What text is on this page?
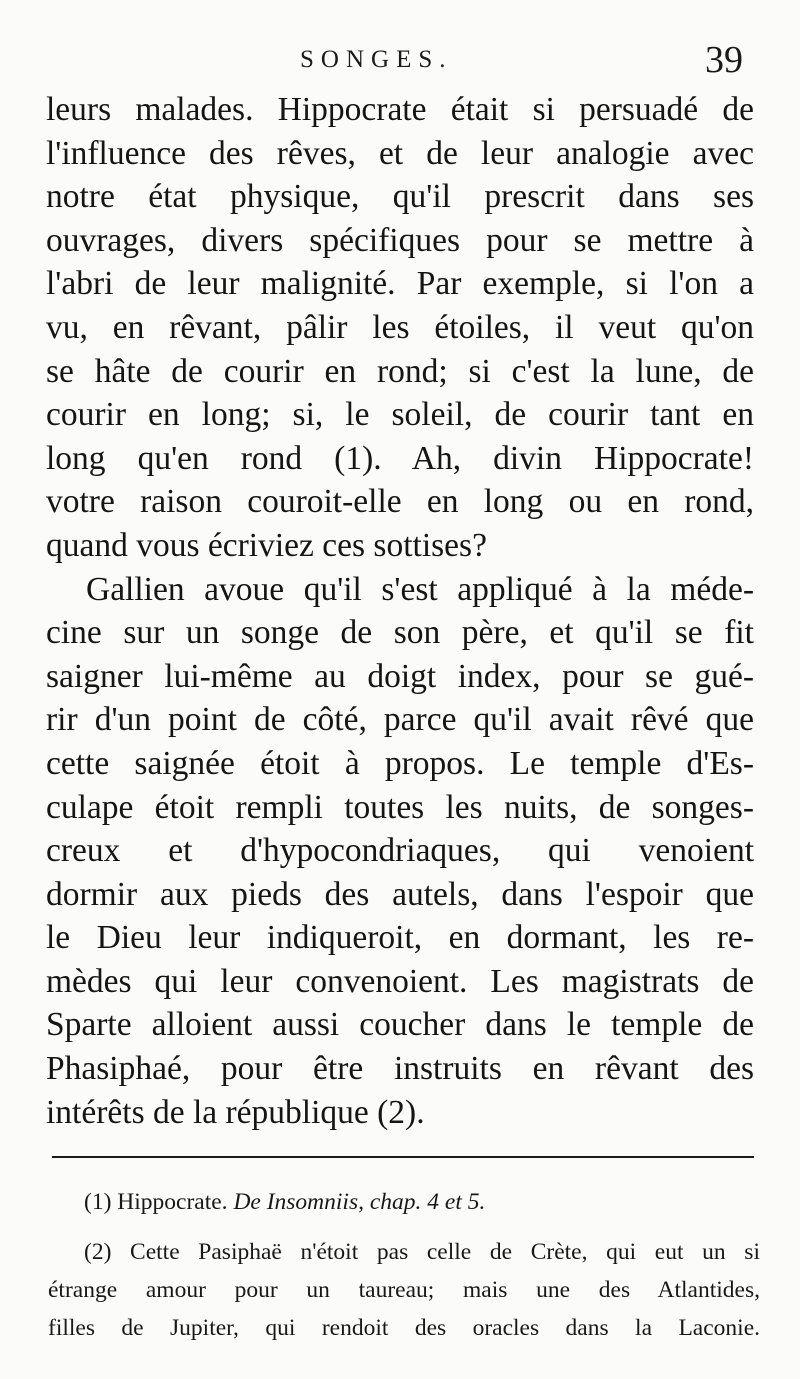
SONGES.	39
leurs malades. Hippocrate était si persuadé de
l'influence des rêves, et de leur analogie avec
notre état physique, qu'il prescrit dans ses
ouvrages, divers spécifiques pour se mettre à
l'abri de leur malignité. Par exemple, si l'on a
vu, en rêvant, pâlir les étoiles, il veut qu'on
se hâte de courir en rond; si c'est la lune, de
courir en long; si, le soleil, de courir tant en
long qu'en rond (1). Ah, divin Hippocrate!
votre raison couroit-elle en long ou en rond,
quand vous écriviez ces sottises?
Gallien avoue qu'il s'est appliqué à la méde-
cine sur un songe de son père, et qu'il se fit
saigner lui-même au doigt index, pour se gué-
rir d'un point de côté, parce qu'il avait rêvé que
cette saignée étoit à propos. Le temple d'Es-
culape étoit rempli toutes les nuits, de songes-
creux et d'hypocondriaques, qui venoient
dormir aux pieds des autels, dans l'espoir que
le Dieu leur indiqueroit, en dormant, les re-
mèdes qui leur convenoient. Les magistrats de
Sparte alloient aussi coucher dans le temple de
Phasiphaé, pour être instruits en rêvant des
intérêts de la république (2).
(1) Hippocrate. De Insomniis, chap. 4 et 5.
(2) Cette Pasiphaë n'étoit pas celle de Crète, qui eut un si
étrange amour pour un taureau; mais une des Atlantides,
filles de Jupiter, qui rendoit des oracles dans la Laconie.
